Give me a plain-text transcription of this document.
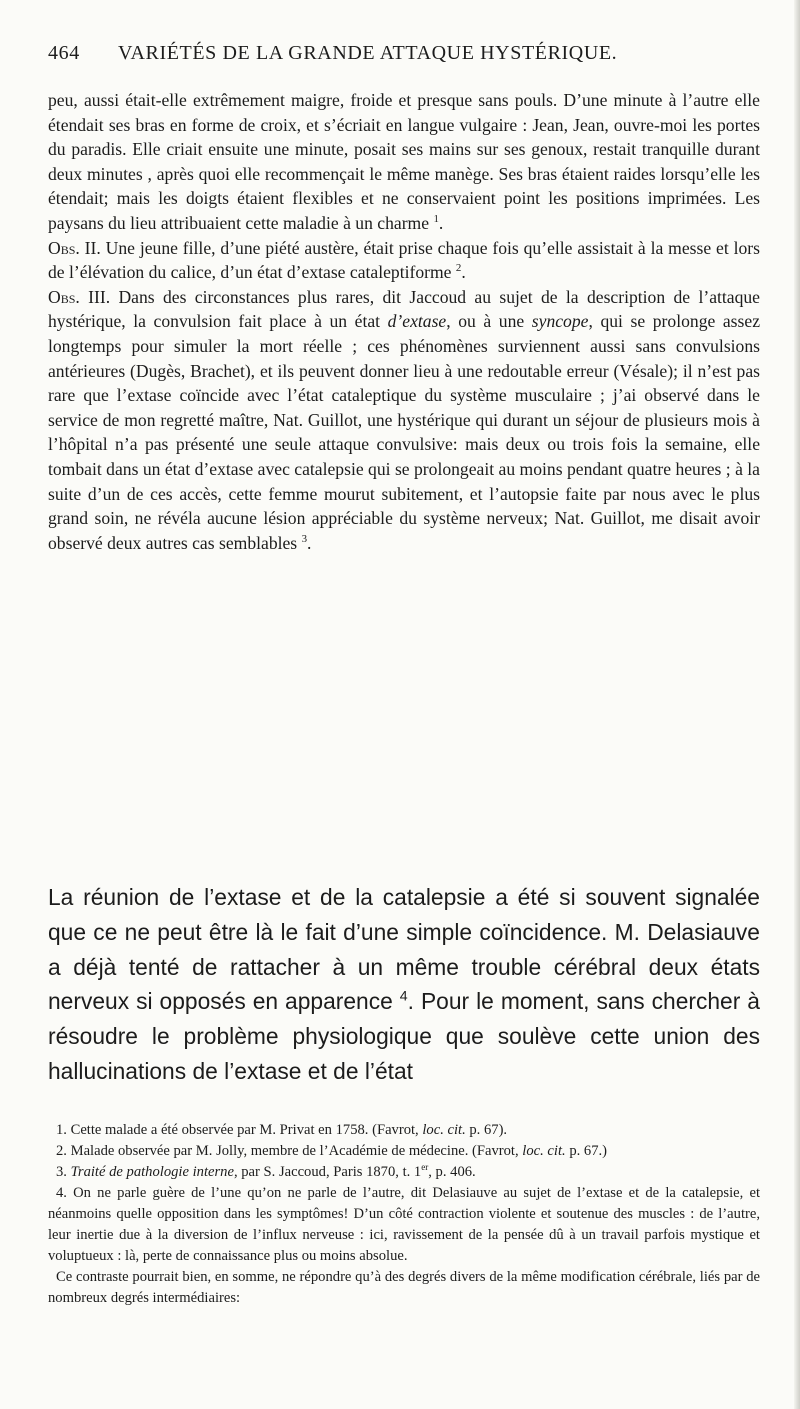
464 VARIÉTÉS DE LA GRANDE ATTAQUE HYSTÉRIQUE.

peu, aussi était-elle extrêmement maigre, froide et presque sans pouls. D’une minute à l’autre elle étendait ses bras en forme de croix, et s’écriait en langue vulgaire : Jean, Jean, ouvre-moi les portes du paradis. Elle criait ensuite une minute, posait ses mains sur ses genoux, restait tranquille durant deux minutes , après quoi elle recommençait le même manège. Ses bras étaient raides lorsqu’elle les étendait; mais les doigts étaient flexibles et ne conservaient point les positions imprimées. Les paysans du lieu attribuaient cette maladie à un charme $^1$.

Obs. II. Une jeune fille, d’une piété austère, était prise chaque fois qu’elle assistait à la messe et lors de l’élévation du calice, d’un état d’extase cataleptiforme $^2$.

Obs. III. Dans des circonstances plus rares, dit Jaccoud au sujet de la description de l’attaque hystérique, la convulsion fait place à un état d’extase, ou à une syncope, qui se prolonge assez longtemps pour simuler la mort réelle ; ces phénomènes surviennent aussi sans convulsions antérieures (Dugès, Brachet), et ils peuvent donner lieu à une redoutable erreur (Vésale); il n’est pas rare que l’extase coïncide avec l’état cataleptique du système musculaire ; j’ai observé dans le service de mon regretté maître, Nat. Guillot, une hystérique qui durant un séjour de plusieurs mois à l’hôpital n’a pas présenté une seule attaque convulsive: mais deux ou trois fois la semaine, elle tombait dans un état d’extase avec catalepsie qui se prolongeait au moins pendant quatre heures ; à la suite d’un de ces accès, cette femme mourut subitement, et l’autopsie faite par nous avec le plus grand soin, ne révéla aucune lésion appréciable du système nerveux; Nat. Guillot, me disait avoir observé deux autres cas semblables $^3$.

La réunion de l’extase et de la catalepsie a été si souvent signalée que ce ne peut être là le fait d’une simple coïncidence. M. Delasiauve a déjà tenté de rattacher à un même trouble cérébral deux états nerveux si opposés en apparence $^4$. Pour le moment, sans chercher à résoudre le problème physiologique que soulève cette union des hallucinations de l’extase et de l’état

1. Cette malade a été observée par M. Privat en 1758. (Favrot, loc. cit. p. 67).

2. Malade observée par M. Jolly, membre de l’Académie de médecine. (Favrot, loc. cit. p. 67.)

3. Traité de pathologie interne, par S. Jaccoud, Paris 1870, t. 1er, p. 406.

4. On ne parle guère de l’une qu’on ne parle de l’autre, dit Delasiauve au sujet de l’extase et de la catalepsie, et néanmoins quelle opposition dans les symptômes! D’un côté contraction violente et soutenue des muscles : de l’autre, leur inertie due à la diversion de l’influx nerveuse : ici, ravissement de la pensée dû à un travail parfois mystique et voluptueux : là, perte de connaissance plus ou moins absolue.

Ce contraste pourrait bien, en somme, ne répondre qu’à des degrés divers de la même modification cérébrale, liés par de nombreux degrés intermédiaires:
